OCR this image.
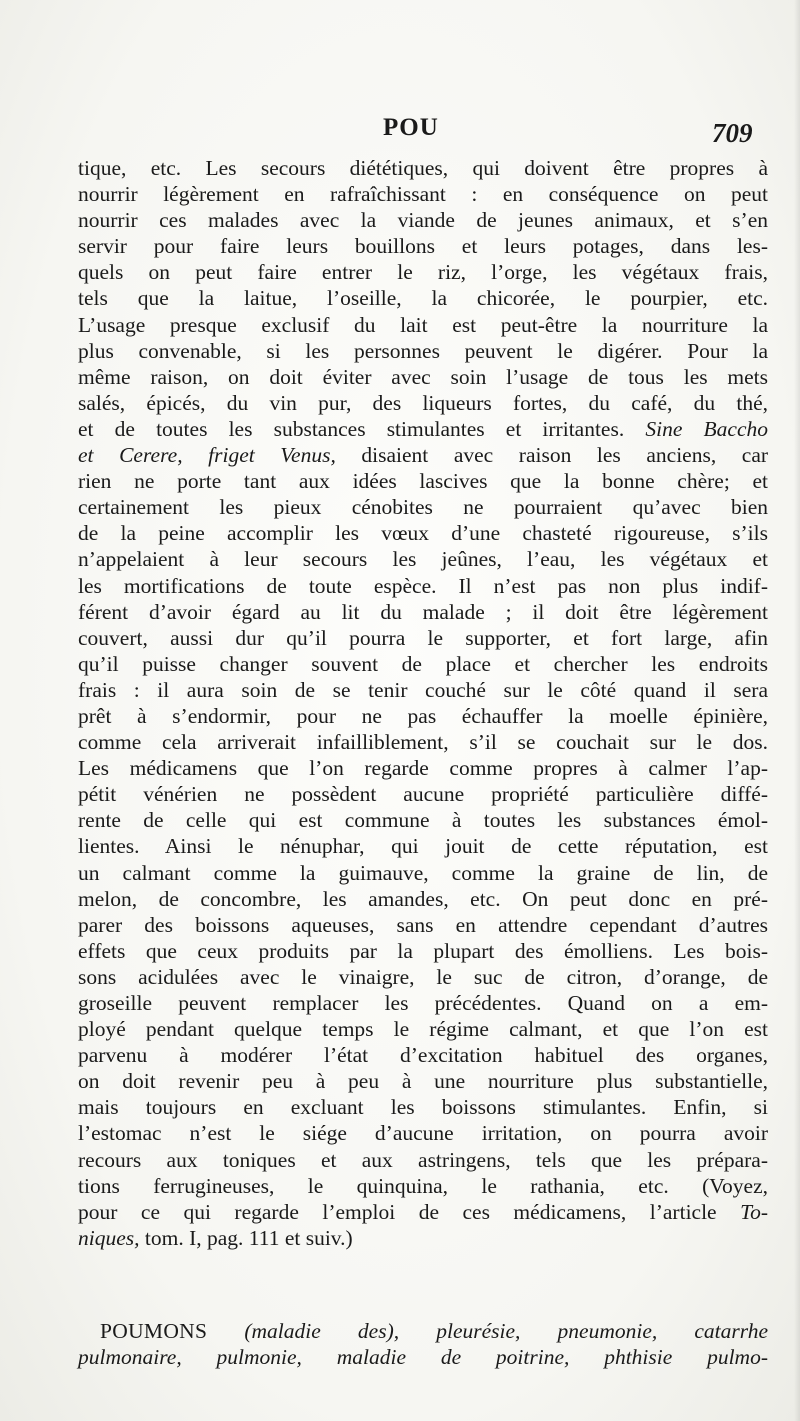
POU	709
tique, etc. Les secours diététiques, qui doivent être propres à
nourrir légèrement en rafraîchissant : en conséquence on peut
nourrir ces malades avec la viande de jeunes animaux, et s’en
servir pour faire leurs bouillons et leurs potages, dans les-
quels on peut faire entrer le riz, l’orge, les végétaux frais,
tels que la laitue, l’oseille, la chicorée, le pourpier, etc.
L’usage presque exclusif du lait est peut-être la nourriture la
plus convenable, si les personnes peuvent le digérer. Pour la
même raison, on doit éviter avec soin l’usage de tous les mets
salés, épicés, du vin pur, des liqueurs fortes, du café, du thé,
et de toutes les substances stimulantes et irritantes. Sine Baccho
et Cerere, friget Venus, disaient avec raison les anciens, car
rien ne porte tant aux idées lascives que la bonne chère; et
certainement les pieux cénobites ne pourraient qu’avec bien
de la peine accomplir les vœux d’une chasteté rigoureuse, s’ils
n’appelaient à leur secours les jeûnes, l’eau, les végétaux et
les mortifications de toute espèce. Il n’est pas non plus indif-
férent d’avoir égard au lit du malade ; il doit être légèrement
couvert, aussi dur qu’il pourra le supporter, et fort large, afin
qu’il puisse changer souvent de place et chercher les endroits
frais : il aura soin de se tenir couché sur le côté quand il sera
prêt à s’endormir, pour ne pas échauffer la moelle épinière,
comme cela arriverait infailliblement, s’il se couchait sur le dos.
Les médicamens que l’on regarde comme propres à calmer l’ap-
pétit vénérien ne possèdent aucune propriété particulière diffé-
rente de celle qui est commune à toutes les substances émol-
lientes. Ainsi le nénuphar, qui jouit de cette réputation, est
un calmant comme la guimauve, comme la graine de lin, de
melon, de concombre, les amandes, etc. On peut donc en pré-
parer des boissons aqueuses, sans en attendre cependant d’autres
effets que ceux produits par la plupart des émolliens. Les bois-
sons acidulées avec le vinaigre, le suc de citron, d’orange, de
groseille peuvent remplacer les précédentes. Quand on a em-
ployé pendant quelque temps le régime calmant, et que l’on est
parvenu à modérer l’état d’excitation habituel des organes,
on doit revenir peu à peu à une nourriture plus substantielle,
mais toujours en excluant les boissons stimulantes. Enfin, si
l’estomac n’est le siége d’aucune irritation, on pourra avoir
recours aux toniques et aux astringens, tels que les prépara-
tions ferrugineuses, le quinquina, le rathania, etc. (Voyez,
pour ce qui regarde l’emploi de ces médicamens, l’article To-
niques, tom. I, pag. 111 et suiv.)
POUMONS (maladie des), pleurésie, pneumonie, catarrhe
pulmonaire, pulmonie, maladie de poitrine, phthisie pulmo-
